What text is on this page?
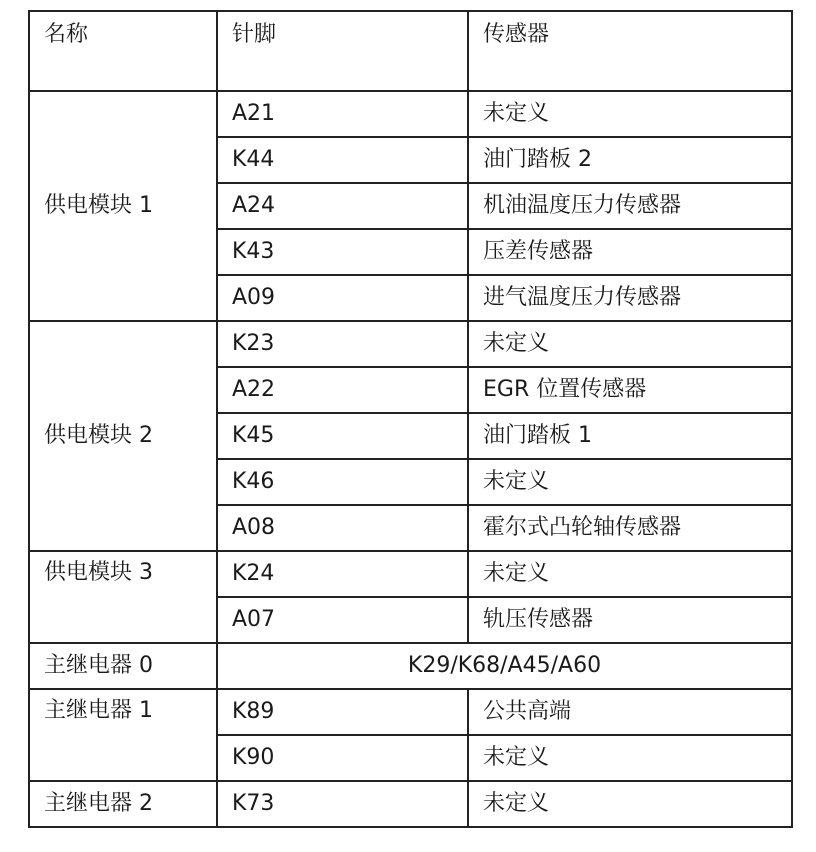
名称	针脚	传感器
供电模块 1	A21	未定义
	K44	油门踏板 2
	A24	机油温度压力传感器
	K43	压差传感器
	A09	进气温度压力传感器
供电模块 2	K23	未定义
	A22	EGR 位置传感器
	K45	油门踏板 1
	K46	未定义
	A08	霍尔式凸轮轴传感器
供电模块 3	K24	未定义
	A07	轨压传感器
主继电器 0	K29/K68/A45/A60	
主继电器 1	K89	公共高端
	K90	未定义
主继电器 2	K73	未定义
